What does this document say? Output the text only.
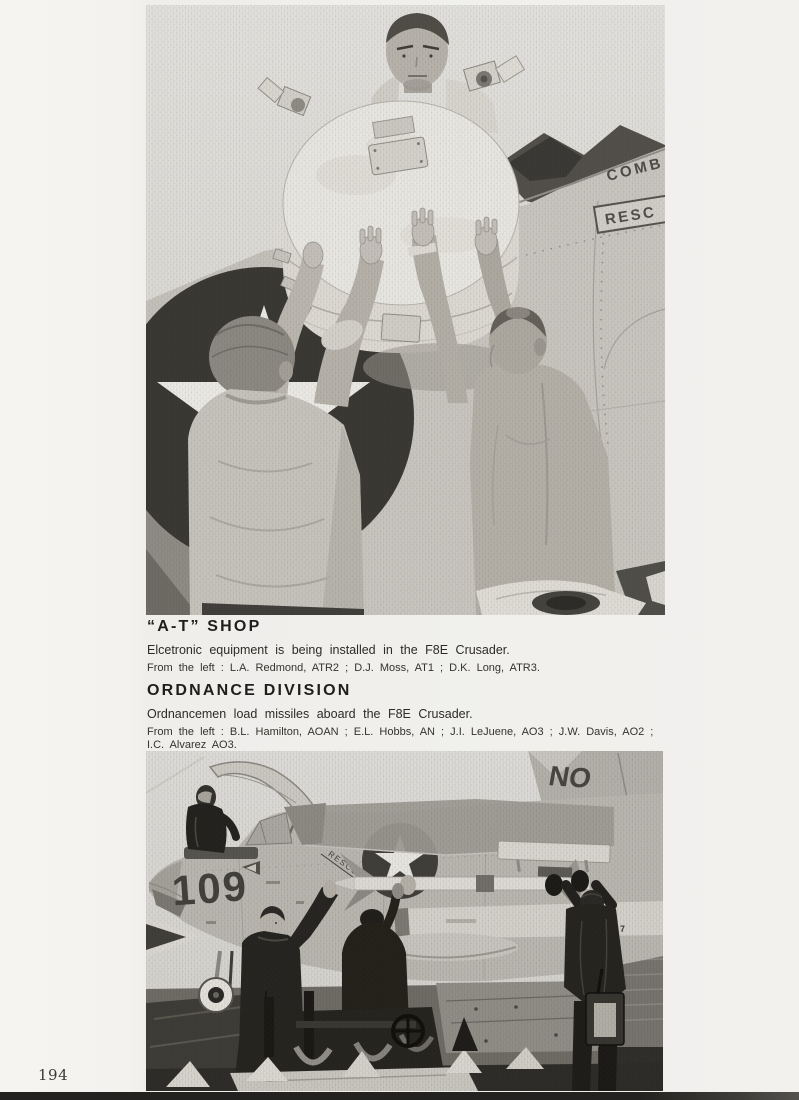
“A-T” SHOP

Elcetronic equipment is being installed in the F8E Crusader.

From the left : L.A. Redmond, ATR2 ; D.J. Moss, AT1 ; D.K. Long, ATR3.

ORDNANCE DIVISION

Ordnancemen load missiles aboard the F8E Crusader.

From the left : B.L. Hamilton, AOAN ; E.L. Hobbs, AN ; J.I. LeJuene, AO3 ; J.W. Davis, AO2 ; I.C. Alvarez AO3.

194
